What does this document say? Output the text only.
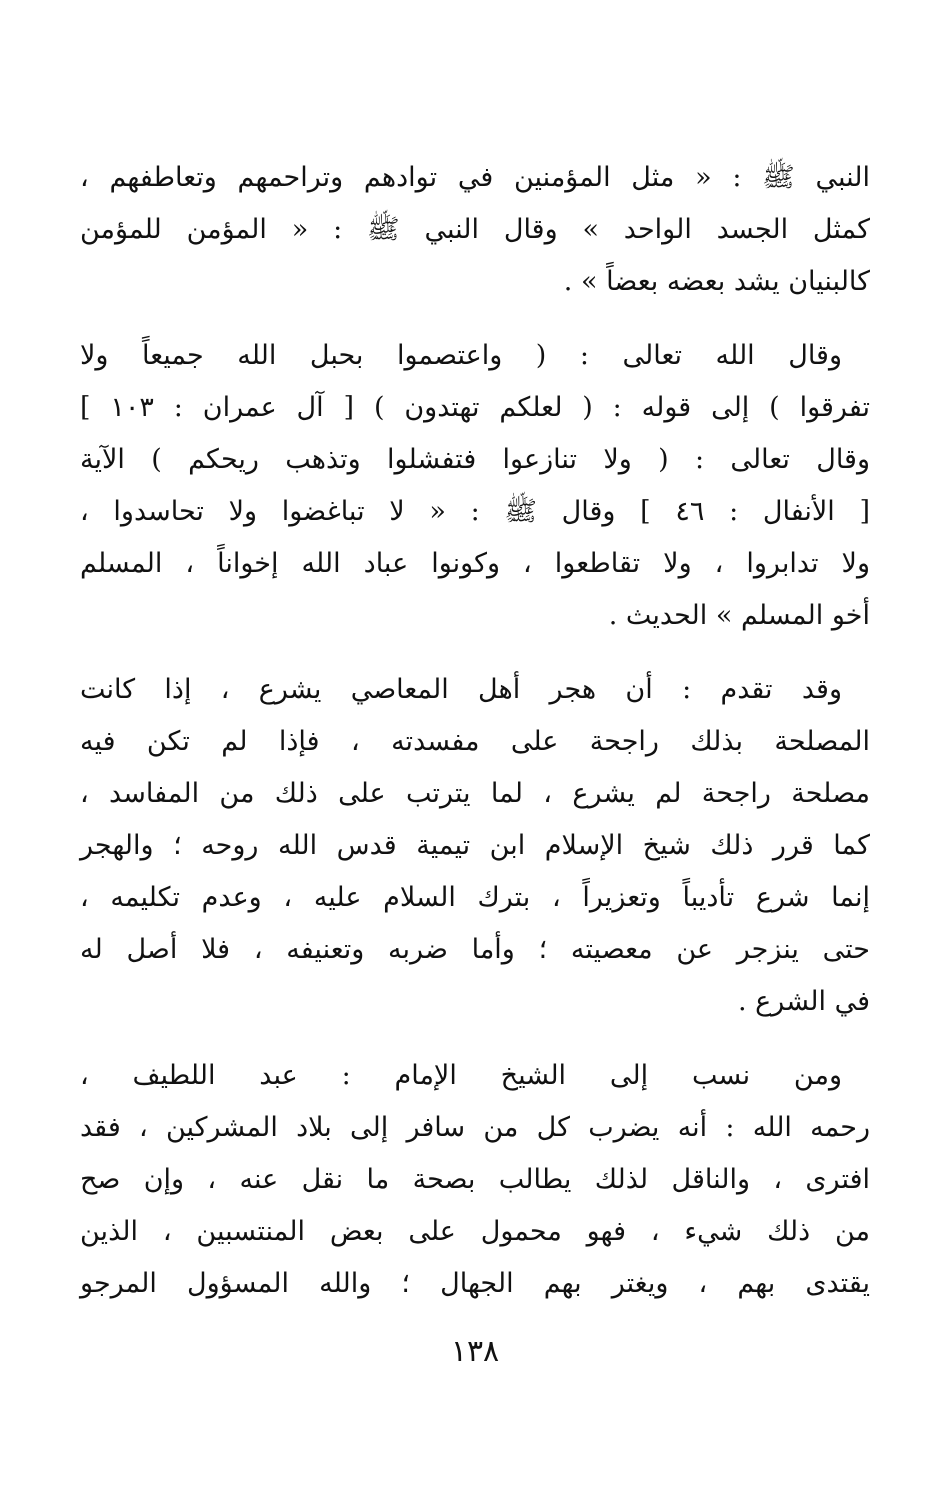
النبي ﷺ : « مثل المؤمنين في توادهم وتراحمهم وتعاطفهم ،
كمثل الجسد الواحد » وقال النبي ﷺ : « المؤمن للمؤمن
كالبنيان يشد بعضه بعضاً » .
وقال الله تعالى : ( واعتصموا بحبل الله جميعاً ولا
تفرقوا ) إلى قوله : ( لعلكم تهتدون ) [ آل عمران : ١٠٣ ]
وقال تعالى : ( ولا تنازعوا فتفشلوا وتذهب ريحكم ) الآية
[ الأنفال : ٤٦ ] وقال ﷺ : « لا تباغضوا ولا تحاسدوا ،
ولا تدابروا ، ولا تقاطعوا ، وكونوا عباد الله إخواناً ، المسلم
أخو المسلم » الحديث .
وقد تقدم : أن هجر أهل المعاصي يشرع ، إذا كانت
المصلحة بذلك راجحة على مفسدته ، فإذا لم تكن فيه
مصلحة راجحة لم يشرع ، لما يترتب على ذلك من المفاسد ،
كما قرر ذلك شيخ الإسلام ابن تيمية قدس الله روحه ؛ والهجر
إنما شرع تأديباً وتعزيراً ، بترك السلام عليه ، وعدم تكليمه ،
حتى ينزجر عن معصيته ؛ وأما ضربه وتعنيفه ، فلا أصل له
في الشرع .
ومن نسب إلى الشيخ الإمام : عبد اللطيف ،
رحمه الله : أنه يضرب كل من سافر إلى بلاد المشركين ، فقد
افترى ، والناقل لذلك يطالب بصحة ما نقل عنه ، وإن صح
من ذلك شيء ، فهو محمول على بعض المنتسبين ، الذين
يقتدى بهم ، ويغتر بهم الجهال ؛ والله المسؤول المرجو
١٣٨
